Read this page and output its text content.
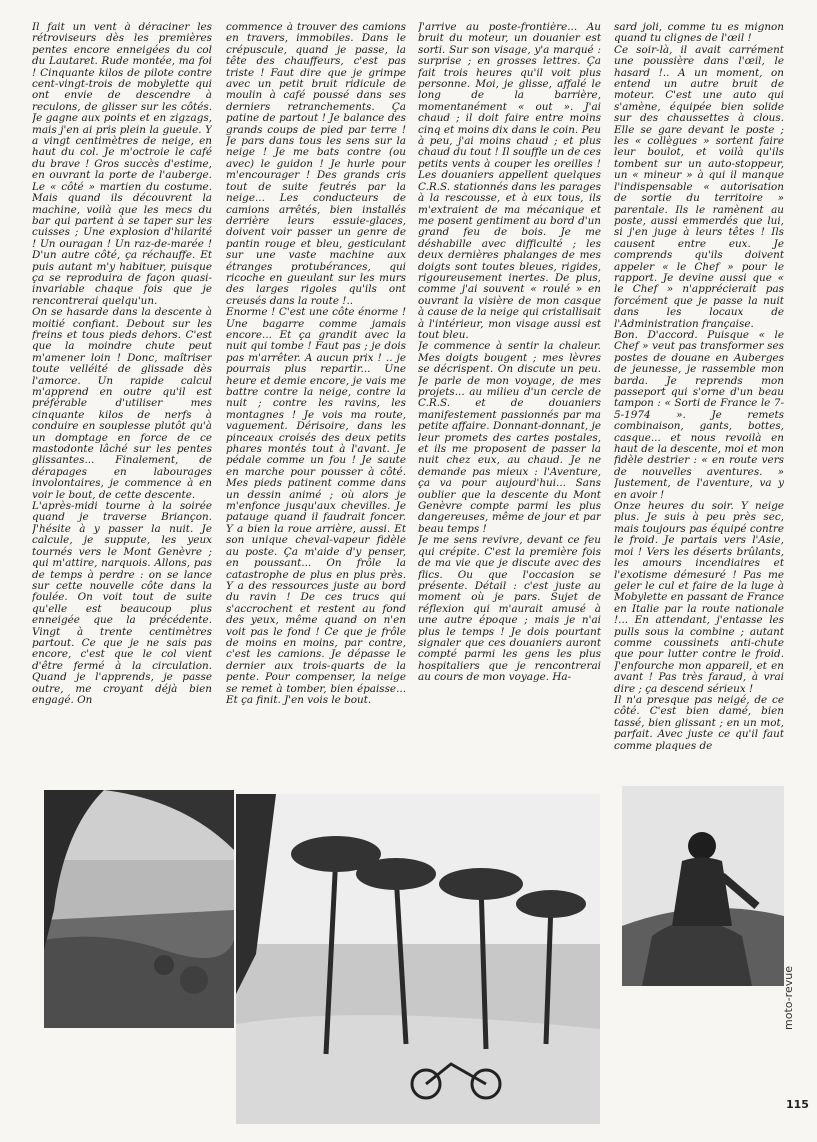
Il fait un vent à déraciner les rétroviseurs dès les premières pentes encore enneigées du col du Lautaret. Rude montée, ma foi ! Cinquante kilos de pilote contre cent-vingt-trois de mobylette qui ont envie de descendre à reculons, de glisser sur les côtés. Je gagne aux points et en zigzags, mais j'en ai pris plein la gueule. Y a vingt centimètres de neige, en haut du col. Je m'octroie le café du brave ! Gros succès d'estime, en ouvrant la porte de l'auberge. Le « côté » martien du costume. Mais quand ils découvrent la machine, voilà que les mecs du bar qui partent à se taper sur les cuisses ; Une explosion d'hilarité ! Un ouragan ! Un raz-de-marée ! D'un autre côté, ça réchauffe. Et puis autant m'y habituer, puisque ça se reproduira de façon quasi-invariable chaque fois que je rencontrerai quelqu'un.

On se hasarde dans la descente à moitié confiant. Debout sur les freins et tous pieds dehors. C'est que la moindre chute peut m'amener loin ! Donc, maîtriser toute velléité de glissade dès l'amorce. Un rapide calcul m'apprend en outre qu'il est préférable d'utiliser mes cinquante kilos de nerfs à conduire en souplesse plutôt qu'à un domptage en force de ce mastodonte lâché sur les pentes glissantes... Finalement, de dérapages en labourages involontaires, je commence à en voir le bout, de cette descente.

L'après-midi tourne à la soirée quand je traverse Briançon. J'hésite à y passer la nuit. Je calcule, je suppute, les yeux tournés vers le Mont Genèvre ; qui m'attire, narquois. Allons, pas de temps à perdre : on se lance sur cette nouvelle côte dans la foulée. On voit tout de suite qu'elle est beaucoup plus enneigée que la précédente. Vingt à trente centimètres partout. Ce que je ne sais pas encore, c'est que le col vient d'être fermé à la circulation. Quand je l'apprends, je passe outre, me croyant déjà bien engagé. On

commence à trouver des camions en travers, immobiles. Dans le crépuscule, quand je passe, la tête des chauffeurs, c'est pas triste ! Faut dire que je grimpe avec un petit bruit ridicule de moulin à café poussé dans ses derniers retranchements. Ça patine de partout ! Je balance des grands coups de pied par terre ! Je pars dans tous les sens sur la neige ! Je me bats contre (ou avec) le guidon ! Je hurle pour m'encourager ! Des grands cris tout de suite feutrés par la neige... Les conducteurs de camions arrêtés, bien installés derrière leurs essuie-glaces, doivent voir passer un genre de pantin rouge et bleu, gesticulant sur une vaste machine aux étranges protubérances, qui ricoche en gueulant sur les murs des larges rigoles qu'ils ont creusés dans la route !..

Enorme ! C'est une côte énorme ! Une bagarre comme jamais encore... Et ça grandit avec la nuit qui tombe ! Faut pas ; je dois pas m'arrêter. A aucun prix ! .. je pourrais plus repartir... Une heure et demie encore, je vais me battre contre la neige, contre la nuit ; contre les ravins, les montagnes ! Je vois ma route, vaguement. Dérisoire, dans les pinceaux croisés des deux petits phares montés tout à l'avant. Je pédale comme un fou ! Je saute en marche pour pousser à côté. Mes pieds patinent comme dans un dessin animé ; où alors je m'enfonce jusqu'aux chevilles. Je patauge quand il faudrait foncer. Y a bien la roue arrière, aussi. Et son unique cheval-vapeur fidèle au poste. Ça m'aide d'y penser, en poussant... On frôle la catastrophe de plus en plus près. Y a des ressources juste au bord du ravin ! De ces trucs qui s'accrochent et restent au fond des yeux, même quand on n'en voit pas le fond ! Ce que je frôle de moins en moins, par contre, c'est les camions. Je dépasse le dernier aux trois-quarts de la pente. Pour compenser, la neige se remet à tomber, bien épaisse... Et ça finit. J'en vois le bout.

J'arrive au poste-frontière... Au bruit du moteur, un douanier est sorti. Sur son visage, y'a marqué : surprise ; en grosses lettres. Ça fait trois heures qu'il voit plus personne. Moi, je glisse, affalé le long de la barrière, momentanément « out ». J'ai chaud ; il doit faire entre moins cinq et moins dix dans le coin. Peu à peu, j'ai moins chaud ; et plus chaud du tout ! Il souffle un de ces petits vents à couper les oreilles ! Les douaniers appellent quelques C.R.S. stationnés dans les parages à la rescousse, et à eux tous, ils m'extraient de ma mécanique et me posent gentiment au bord d'un grand feu de bois. Je me déshabille avec difficulté ; les deux dernières phalanges de mes doigts sont toutes bleues, rigides, rigoureusement inertes. De plus, comme j'ai souvent « roulé » en ouvrant la visière de mon casque à cause de la neige qui cristallisait à l'intérieur, mon visage aussi est tout bleu.

Je commence à sentir la chaleur. Mes doigts bougent ; mes lèvres se décrispent. On discute un peu. Je parle de mon voyage, de mes projets... au milieu d'un cercle de C.R.S. et de douaniers manifestement passionnés par ma petite affaire. Donnant-donnant, je leur promets des cartes postales, et ils me proposent de passer la nuit chez eux, au chaud. Je ne demande pas mieux : l'Aventure, ça va pour aujourd'hui... Sans oublier que la descente du Mont Genèvre compte parmi les plus dangereuses, même de jour et par beau temps !

Je me sens revivre, devant ce feu qui crépite. C'est la première fois de ma vie que je discute avec des flics. Ou que l'occasion se présente. Détail : c'est juste au moment où je pars. Sujet de réflexion qui m'aurait amusé à une autre époque ; mais je n'ai plus le temps ! Je dois pourtant signaler que ces douaniers auront compté parmi les gens les plus hospitaliers que je rencontrerai au cours de mon voyage. Ha-

sard joli, comme tu es mignon quand tu clignes de l'œil !

Ce soir-là, il avait carrément une poussière dans l'œil, le hasard !.. A un moment, on entend un autre bruit de moteur. C'est une auto qui s'amène, équipée bien solide sur des chaussettes à clous. Elle se gare devant le poste ; les « collègues » sortent faire leur boulot, et voilà qu'ils tombent sur un auto-stoppeur, un « mineur » à qui il manque l'indispensable « autorisation de sortie du territoire » parentale. Ils le ramènent au poste, aussi emmerdés que lui, si j'en juge à leurs têtes ! Ils causent entre eux. Je comprends qu'ils doivent appeler « le Chef » pour le rapport. Je devine aussi que « le Chef » n'apprécierait pas forcément que je passe la nuit dans les locaux de l'Administration française.

Bon. D'accord. Puisque « le Chef » veut pas transformer ses postes de douane en Auberges de jeunesse, je rassemble mon barda. Je reprends mon passeport qui s'orne d'un beau tampon : « Sorti de France le 7-5-1974 ». Je remets combinaison, gants, bottes, casque... et nous revoilà en haut de la descente, moi et mon fidèle destrier : « en route vers de nouvelles aventures. » Justement, de l'aventure, va y en avoir !

Onze heures du soir. Y neige plus. Je suis à peu près sec, mais toujours pas équipé contre le froid. Je partais vers l'Asie, moi ! Vers les déserts brûlants, les amours incendiaires et l'exotisme démesuré ! Pas me geler le cul et faire de la luge à Mobylette en passant de France en Italie par la route nationale !... En attendant, j'entasse les pulls sous la combine ; autant comme coussinets anti-chute que pour lutter contre le froid. J'enfourche mon appareil, et en avant ! Pas très faraud, à vrai dire ; ça descend sérieux !

Il n'a presque pas neigé, de ce côté. C'est bien damé, bien tassé, bien glissant ; en un mot, parfait. Avec juste ce qu'il faut comme plaques de

moto-revue
115
